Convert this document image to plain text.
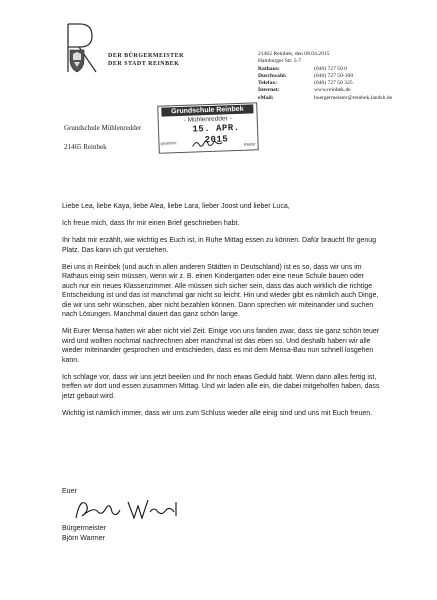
DER BÜRGERMEISTER
DER STADT REINBEK
21462 Reinbek, den 08.04.2015
Hamburger Str. 5-7
Rathaus:	(040) 727 50 0
Durchwahl:	(040) 727 50-100
Telefax:	(040) 727 50 325
Internet:	www.reinbek.de
eMail:	buergermeister@reinbek.landsh.de
Grundschule Reinbek
- Mühlenredder -
15. APR. 2015
gesehen:	Rektor
Grundschule Mühlenredder
21465 Reinbek

Liebe Lea, liebe Kaya, liebe Alea, liebe Lara, lieber Joost und lieber Luca,

Ich freue mich, dass Ihr mir einen Brief geschrieben habt.

Ihr habt mir erzählt, wie wichtig es Euch ist, in Ruhe Mittag essen zu können. Dafür braucht Ihr genug Platz. Das kann ich gut verstehen.

Bei uns in Reinbek (und auch in allen anderen Städten in Deutschland) ist es so, dass wir uns im Rathaus einig sein müssen, wenn wir z. B. einen Kindergarten oder eine neue Schule bauen oder auch nur ein neues Klassenzimmer. Alle müssen sich sicher sein, dass das auch wirklich die richtige Entscheidung ist und das ist manchmal gar nicht so leicht. Hin und wieder gibt es nämlich auch Dinge, die wir uns sehr wünschen, aber nicht bezahlen können. Dann sprechen wir miteinander und suchen nach Lösungen. Manchmal dauert das ganz schön lange.

Mit Eurer Mensa hatten wir aber nicht viel Zeit. Einige von uns fanden zwar, dass sie ganz schön teuer wird und wollten nochmal nachrechnen aber manchmal ist das eben so. Und deshalb haben wir alle wieder miteinander gesprochen und entschieden, dass es mit dem Mensa-Bau nun schnell losgehen kann.

Ich schlage vor, dass wir uns jetzt beeilen und Ihr noch etwas Geduld habt. Wenn dann alles fertig ist, treffen wir dort und essen zusammen Mittag. Und wir laden alle ein, die dabei mitgeholfen haben, dass jetzt gebaut wird.

Wichtig ist nämlich immer, dass wir uns zum Schluss wieder alle einig sind und uns mit Euch freuen.

Euer
Bürgermeister
Björn Warmer
